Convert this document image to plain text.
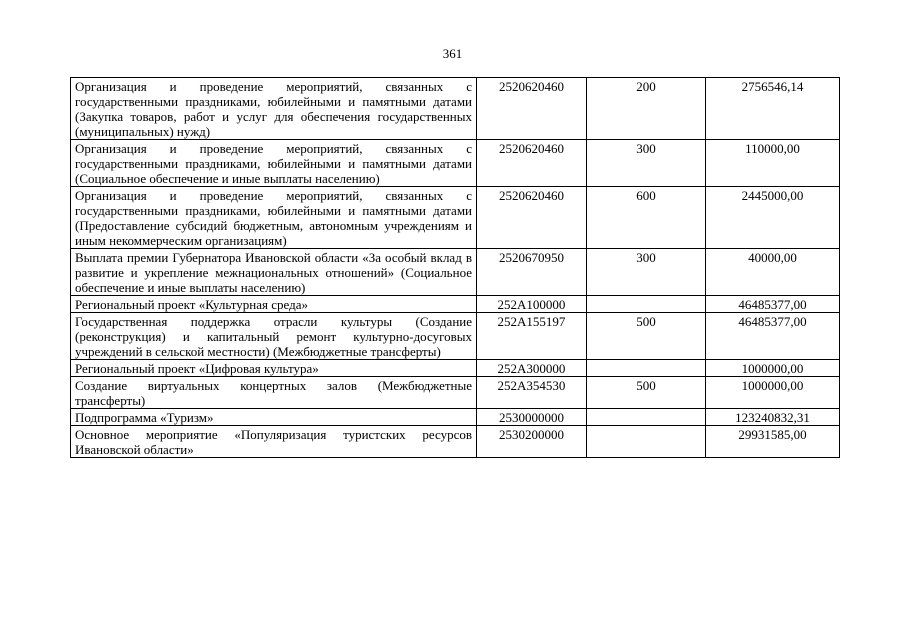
361
Организация и проведение мероприятий, связанных с государственными праздниками, юбилейными и памятными датами (Закупка товаров, работ и услуг для обеспечения государственных (муниципальных) нужд)	2520620460	200	2756546,14
Организация и проведение мероприятий, связанных с государственными праздниками, юбилейными и памятными датами (Социальное обеспечение и иные выплаты населению)	2520620460	300	110000,00
Организация и проведение мероприятий, связанных с государственными праздниками, юбилейными и памятными датами (Предоставление субсидий бюджетным, автономным учреждениям и иным некоммерческим организациям)	2520620460	600	2445000,00
Выплата премии Губернатора Ивановской области «За особый вклад в развитие и укрепление межнациональных отношений» (Социальное обеспечение и иные выплаты населению)	2520670950	300	40000,00
Региональный проект «Культурная среда»	252А100000		46485377,00
Государственная поддержка отрасли культуры (Создание (реконструкция) и капитальный ремонт культурно-досуговых учреждений в сельской местности) (Межбюджетные трансферты)	252А155197	500	46485377,00
Региональный проект «Цифровая культура»	252А300000		1000000,00
Создание виртуальных концертных залов (Межбюджетные трансферты)	252А354530	500	1000000,00
Подпрограмма «Туризм»	2530000000		123240832,31
Основное мероприятие «Популяризация туристских ресурсов Ивановской области»	2530200000		29931585,00
